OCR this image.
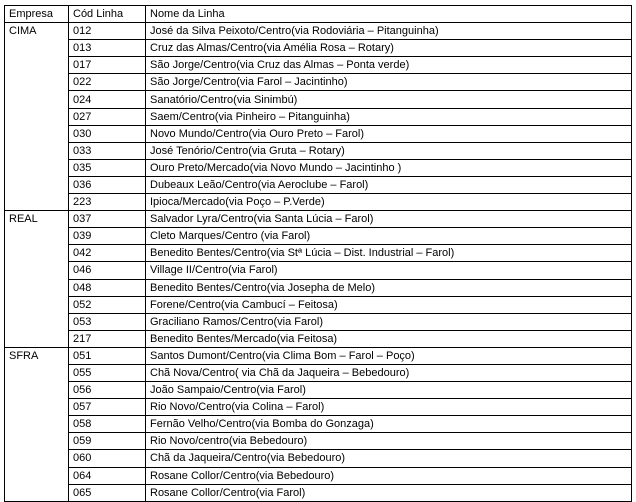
Empresa	Cód Linha	Nome da Linha
CIMA	012	José da Silva Peixoto/Centro(via Rodoviária – Pitanguinha)
	013	Cruz das Almas/Centro(via Amélia Rosa – Rotary)
	017	São Jorge/Centro(via Cruz das Almas – Ponta verde)
	022	São Jorge/Centro(via Farol – Jacintinho)
	024	Sanatório/Centro(via Sinimbú)
	027	Saem/Centro(via Pinheiro – Pitanguinha)
	030	Novo Mundo/Centro(via Ouro Preto – Farol)
	033	José Tenório/Centro(via Gruta – Rotary)
	035	Ouro Preto/Mercado(via Novo Mundo – Jacintinho )
	036	Dubeaux Leão/Centro(via Aeroclube – Farol)
	223	Ipioca/Mercado(via Poço – P.Verde)
REAL	037	Salvador Lyra/Centro(via Santa Lúcia – Farol)
	039	Cleto Marques/Centro (via Farol)
	042	Benedito Bentes/Centro(via Stª Lúcia – Dist. Industrial – Farol)
	046	Village II/Centro(via Farol)
	048	Benedito Bentes/Centro(via Josepha de Melo)
	052	Forene/Centro(via Cambucí – Feitosa)
	053	Graciliano Ramos/Centro(via Farol)
	217	Benedito Bentes/Mercado(via Feitosa)
SFRA	051	Santos Dumont/Centro(via Clima Bom – Farol – Poço)
	055	Chã Nova/Centro( via Chã da Jaqueira – Bebedouro)
	056	João Sampaio/Centro(via Farol)
	057	Rio Novo/Centro(via Colina – Farol)
	058	Fernão Velho/Centro(via Bomba do Gonzaga)
	059	Rio Novo/centro(via Bebedouro)
	060	Chã da Jaqueira/Centro(via Bebedouro)
	064	Rosane Collor/Centro(via Bebedouro)
	065	Rosane Collor/Centro(via Farol)
